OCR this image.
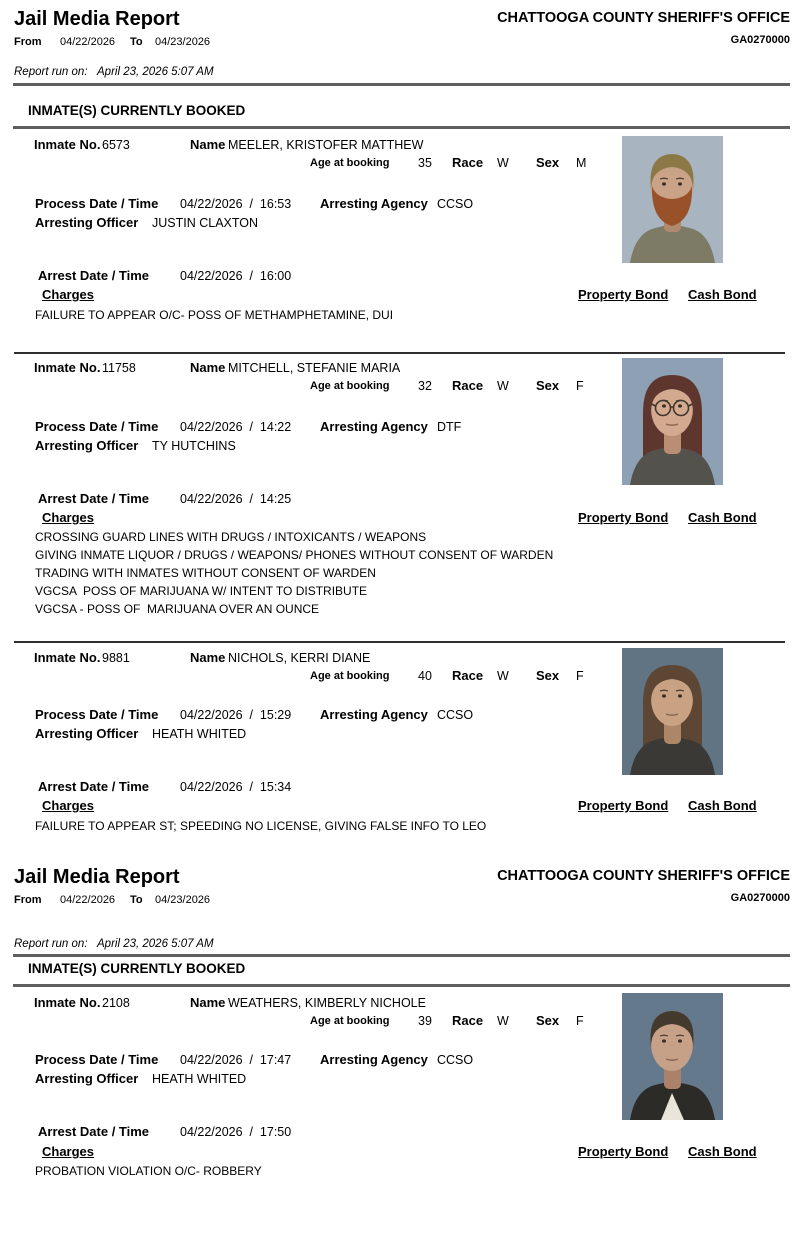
Jail Media Report	CHATTOOGA COUNTY SHERIFF'S OFFICE
From 04/22/2026 To 04/23/2026	GA0270000
Report run on: April 23, 2026 5:07 AM
INMATE(S) CURRENTLY BOOKED
Inmate No. 6573	Name MEELER, KRISTOFER MATTHEW
Age at booking 35 Race W Sex M
Process Date / Time 04/22/2026  /  16:53 Arresting Agency CCSO
Arresting Officer JUSTIN CLAXTON
Arrest Date / Time 04/22/2026  /  16:00
Charges	Property Bond Cash Bond
FAILURE TO APPEAR O/C- POSS OF METHAMPHETAMINE, DUI
Inmate No. 11758	Name MITCHELL, STEFANIE MARIA
Age at booking 32 Race W Sex F
Process Date / Time 04/22/2026  /  14:22 Arresting Agency DTF
Arresting Officer TY HUTCHINS
Arrest Date / Time 04/22/2026  /  14:25
Charges	Property Bond Cash Bond
CROSSING GUARD LINES WITH DRUGS / INTOXICANTS / WEAPONS
GIVING INMATE LIQUOR / DRUGS / WEAPONS/ PHONES WITHOUT CONSENT OF WARDEN
TRADING WITH INMATES WITHOUT CONSENT OF WARDEN
VGCSA  POSS OF MARIJUANA W/ INTENT TO DISTRIBUTE
VGCSA - POSS OF  MARIJUANA OVER AN OUNCE
Inmate No. 9881	Name NICHOLS, KERRI DIANE
Age at booking 40 Race W Sex F
Process Date / Time 04/22/2026  /  15:29 Arresting Agency CCSO
Arresting Officer HEATH WHITED
Arrest Date / Time 04/22/2026  /  15:34
Charges	Property Bond Cash Bond
FAILURE TO APPEAR ST; SPEEDING NO LICENSE, GIVING FALSE INFO TO LEO
Jail Media Report	CHATTOOGA COUNTY SHERIFF'S OFFICE
From 04/22/2026 To 04/23/2026	GA0270000
Report run on: April 23, 2026 5:07 AM
INMATE(S) CURRENTLY BOOKED
Inmate No. 2108	Name WEATHERS, KIMBERLY NICHOLE
Age at booking 39 Race W Sex F
Process Date / Time 04/22/2026  /  17:47 Arresting Agency CCSO
Arresting Officer HEATH WHITED
Arrest Date / Time 04/22/2026  /  17:50
Charges	Property Bond Cash Bond
PROBATION VIOLATION O/C- ROBBERY
